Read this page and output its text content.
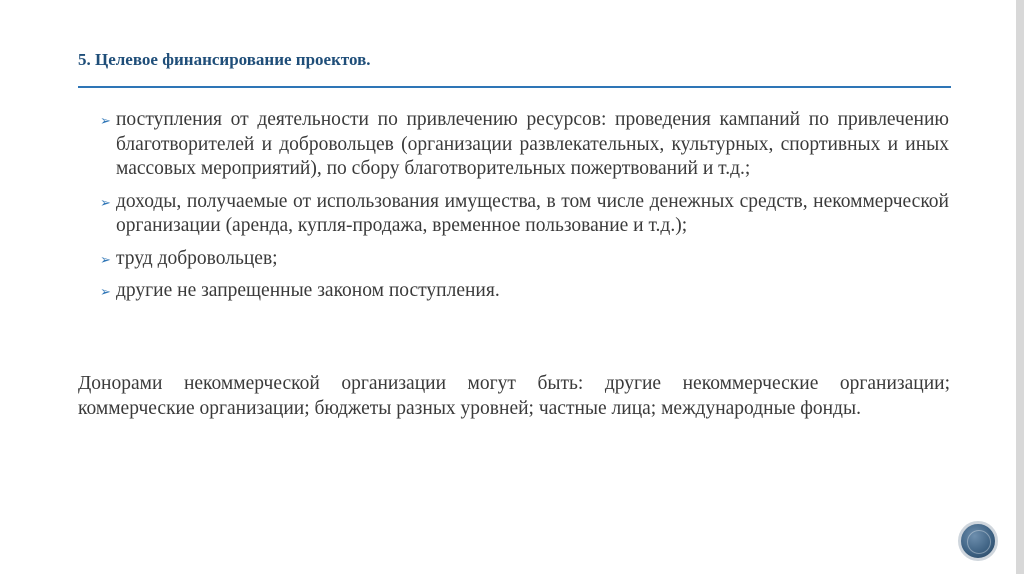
5. Целевое финансирование проектов.
➢ поступления от деятельности по привлечению ресурсов: проведения кампаний по привлечению благотворителей и добровольцев (организации развлекательных, культурных, спортивных и иных массовых мероприятий), по сбору благотворительных пожертвований и т.д.;
➢ доходы, получаемые от использования имущества, в том числе денежных средств, некоммерческой организации (аренда, купля-продажа, временное пользование и т.д.);
➢ труд добровольцев;
➢ другие не запрещенные законом поступления.
Донорами некоммерческой организации могут быть: другие некоммерческие организации; коммерческие организации; бюджеты разных уровней; частные лица; международные фонды.
